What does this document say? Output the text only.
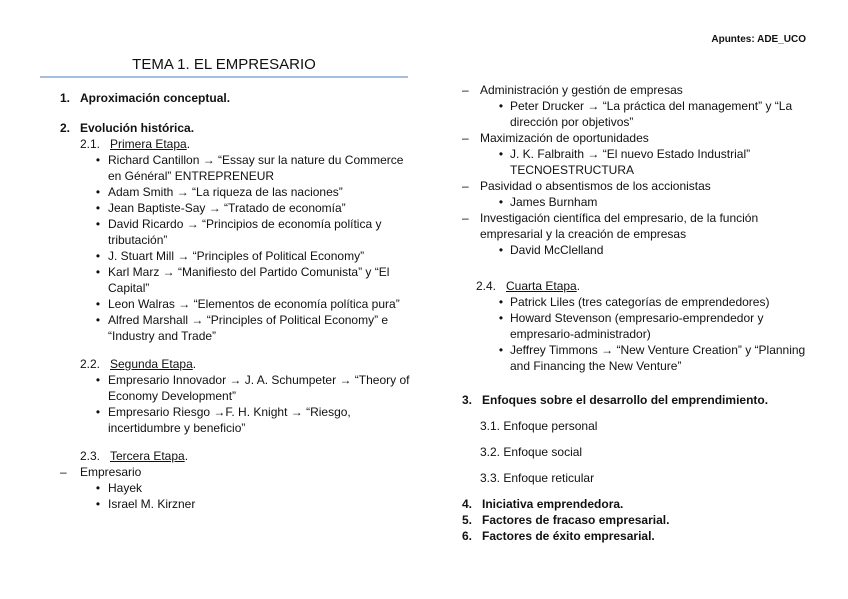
Apuntes: ADE_UCO
TEMA 1. EL EMPRESARIO
1. Aproximación conceptual.
2. Evolución histórica.
2.1. Primera Etapa.
• Richard Cantillon → “Essay sur la nature du Commerce en Général” ENTREPRENEUR
• Adam Smith → “La riqueza de las naciones”
• Jean Baptiste-Say → “Tratado de economía”
• David Ricardo → “Principios de economía política y tributación”
• J. Stuart Mill → “Principles of Political Economy”
• Karl Marz → “Manifiesto del Partido Comunista” y “El Capital”
• Leon Walras → “Elementos de economía política pura”
• Alfred Marshall → “Principles of Political Economy” e “Industry and Trade”
2.2. Segunda Etapa.
• Empresario Innovador → J. A. Schumpeter → “Theory of Economy Development”
• Empresario Riesgo →F. H. Knight → “Riesgo, incertidumbre y beneficio”
2.3. Tercera Etapa.
–	Empresario
• Hayek
• Israel M. Kirzner
– Administración y gestión de empresas
• Peter Drucker → “La práctica del management” y “La dirección por objetivos”
– Maximización de oportunidades
• J. K. Falbraith → “El nuevo Estado Industrial” TECNOESTRUCTURA
– Pasividad o absentismos de los accionistas
• James Burnham
– Investigación científica del empresario, de la función empresarial y la creación de empresas
• David McClelland
2.4. Cuarta Etapa.
• Patrick Liles (tres categorías de emprendedores)
• Howard Stevenson (empresario-emprendedor y empresario-administrador)
• Jeffrey Timmons → “New Venture Creation” y “Planning and Financing the New Venture”
3. Enfoques sobre el desarrollo del emprendimiento.
3.1. Enfoque personal
3.2. Enfoque social
3.3. Enfoque reticular
4. Iniciativa emprendedora.
5. Factores de fracaso empresarial.
6. Factores de éxito empresarial.
